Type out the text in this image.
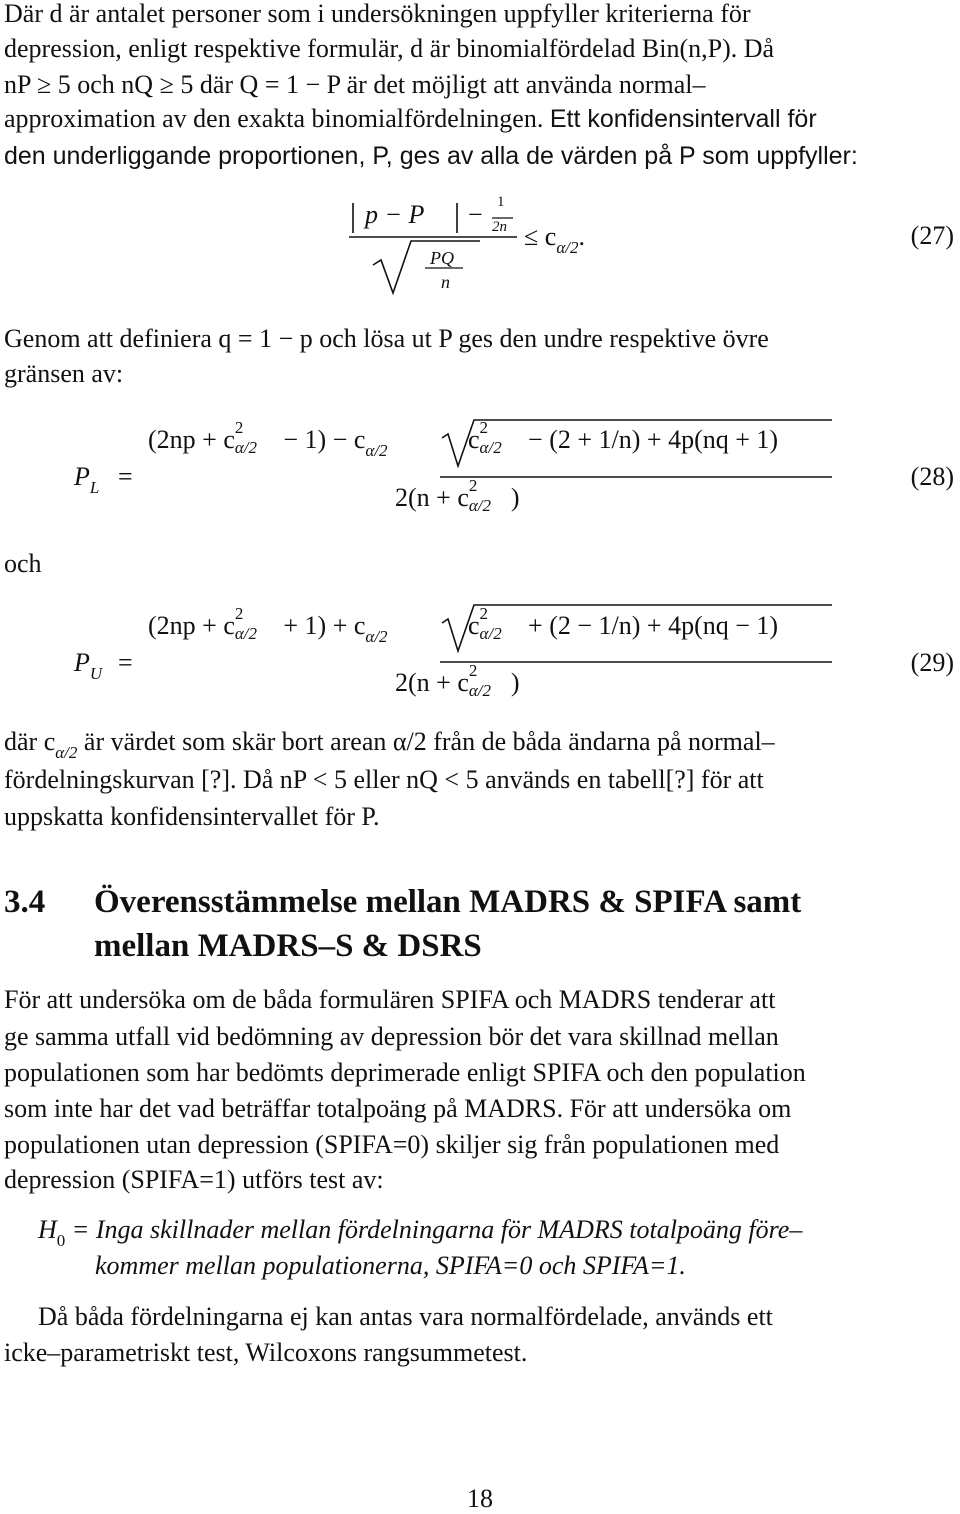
Där d är antalet personer som i undersökningen uppfyller kriterierna för
depression, enligt respektive formulär, d är binomialfördelad Bin(n,P). Då
nP ≥ 5 och nQ ≥ 5 där Q = 1 − P är det möjligt att använda normal–
approximation av den exakta binomialfördelningen. Ett konfidensintervall för
den underliggande proportionen, P, ges av alla de värden på P som uppfyller:
p − P − 1
2n
PQ
n
≤ $c_{\alpha/2}$.	(27)
Genom att definiera q = 1 − p och lösa ut P ges den undre respektive övre
gränsen av:
$P_L$ =
(2np + c 2
$\alpha/2 - 1) - c_{\alpha/2}$	c 2
α/2 − (2 + 1/n) + 4p(nq + 1)
2(n + c 2
α/2 )
(28)
och
$P_U$ =
(2np + c 2
$\alpha/2 + 1) + c_{\alpha/2}$	c 2
α/2 + (2 − 1/n) + 4p(nq − 1)
2(n + c 2
α/2 )
(29)
där $c_{\alpha/2}$ är värdet som skär bort arean α/2 från de båda ändarna på normal–
fördelningskurvan [?]. Då nP < 5 eller nQ < 5 används en tabell[?] för att
uppskatta konfidensintervallet för P.
3.4 Överensstämmelse mellan MADRS & SPIFA samt
mellan MADRS–S & DSRS
För att undersöka om de båda formulären SPIFA och MADRS tenderar att
ge samma utfall vid bedömning av depression bör det vara skillnad mellan
populationen som har bedömts deprimerade enligt SPIFA och den population
som inte har det vad beträffar totalpoäng på MADRS. För att undersöka om
populationen utan depression (SPIFA=0) skiljer sig från populationen med
depression (SPIFA=1) utförs test av:
$H_0$ = Inga skillnader mellan fördelningarna för MADRS totalpoäng före–
kommer mellan populationerna, SPIFA=0 och SPIFA=1.
Då båda fördelningarna ej kan antas vara normalfördelade, används ett
icke–parametriskt test, Wilcoxons rangsummetest.
18
